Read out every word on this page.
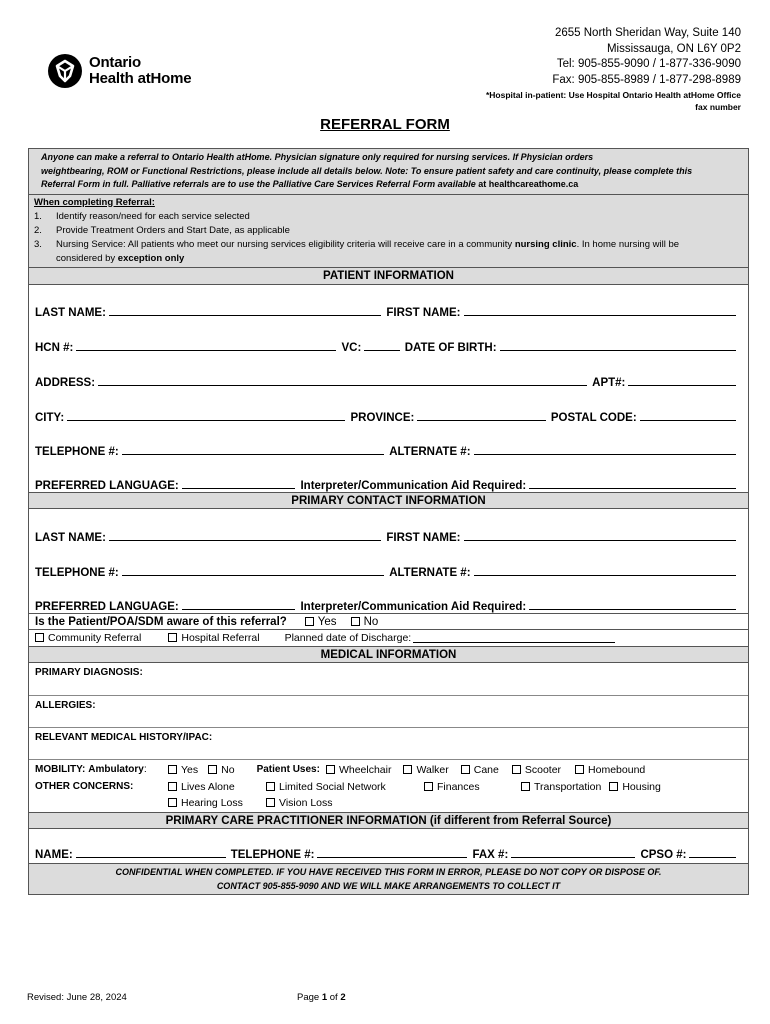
Ontario
Health atHome
2655 North Sheridan Way, Suite 140
Mississauga, ON L6Y 0P2
Tel: 905-855-9090 / 1-877-336-9090
Fax: 905-855-8989 / 1-877-298-8989
*Hospital in-patient: Use Hospital Ontario Health atHome Office
fax number
REFERRAL FORM
Anyone can make a referral to Ontario Health atHome. Physician signature only required for nursing services. If Physician orders
weightbearing, ROM or Functional Restrictions, please include all details below. Note: To ensure patient safety and care continuity, please complete this
Referral Form in full. Palliative referrals are to use the Palliative Care Services Referral Form available at healthcareathome.ca
When completing Referral:
1.	Identify reason/need for each service selected
2.	Provide Treatment Orders and Start Date, as applicable
3.	Nursing Service: All patients who meet our nursing services eligibility criteria will receive care in a community nursing clinic. In home nursing will be
considered by exception only
PATIENT INFORMATION
LAST NAME:	FIRST NAME:
HCN #:	VC:	DATE OF BIRTH:
ADDRESS:	APT#:
CITY:	PROVINCE:	POSTAL CODE:
TELEPHONE #:	ALTERNATE #:
PREFERRED LANGUAGE:	Interpreter/Communication Aid Required:
PRIMARY CONTACT INFORMATION
LAST NAME:	FIRST NAME:
TELEPHONE #:	ALTERNATE #:
PREFERRED LANGUAGE:	Interpreter/Communication Aid Required:
Is the Patient/POA/SDM aware of this referral?	Yes	No
Community Referral	Hospital Referral Planned date of Discharge:
MEDICAL INFORMATION
PRIMARY DIAGNOSIS:
ALLERGIES:
RELEVANT MEDICAL HISTORY/IPAC:
MOBILITY: Ambulatory:	Yes	No Patient Uses:	Wheelchair	Walker	Cane	Scooter	Homebound
OTHER CONCERNS:	Lives Alone	Limited Social Network	Finances	Transportation	Housing
Hearing Loss	Vision Loss
PRIMARY CARE PRACTITIONER INFORMATION (if different from Referral Source)
NAME:	TELEPHONE #:	FAX #:	CPSO #:
CONFIDENTIAL WHEN COMPLETED. IF YOU HAVE RECEIVED THIS FORM IN ERROR, PLEASE DO NOT COPY OR DISPOSE OF.
CONTACT 905-855-9090 AND WE WILL MAKE ARRANGEMENTS TO COLLECT IT
Revised: June 28, 2024	Page 1 of 2
